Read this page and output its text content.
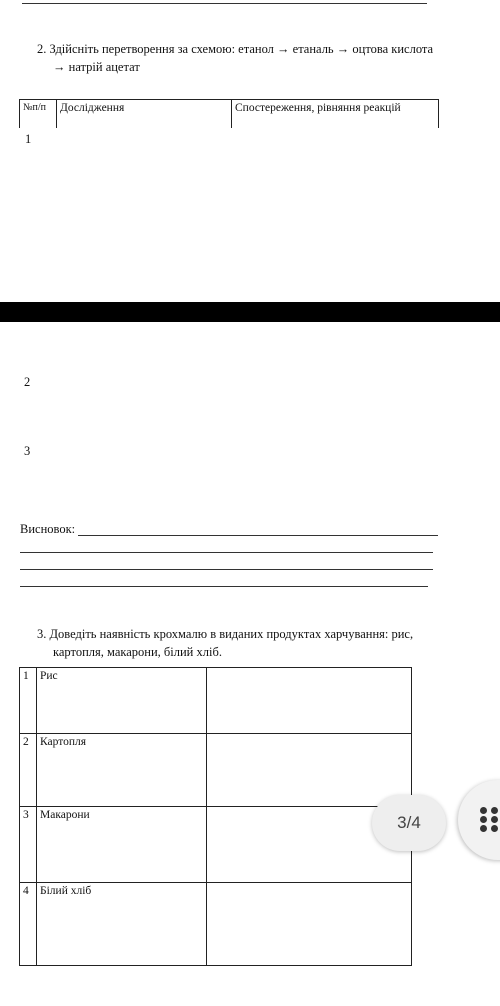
2. Здійсніть перетворення за схемою: етанол → етаналь → оцтова кислота
→ натрій ацетат
№п/п	Дослідження	Спостереження, рівняння реакцій
1
2
3
Висновок:
3. Доведіть наявність крохмалю в виданих продуктах харчування: рис,
картопля, макарони, білий хліб.
1	Рис	
2	Картопля	
3	Макарони	
4	Білий хліб	
3/4
